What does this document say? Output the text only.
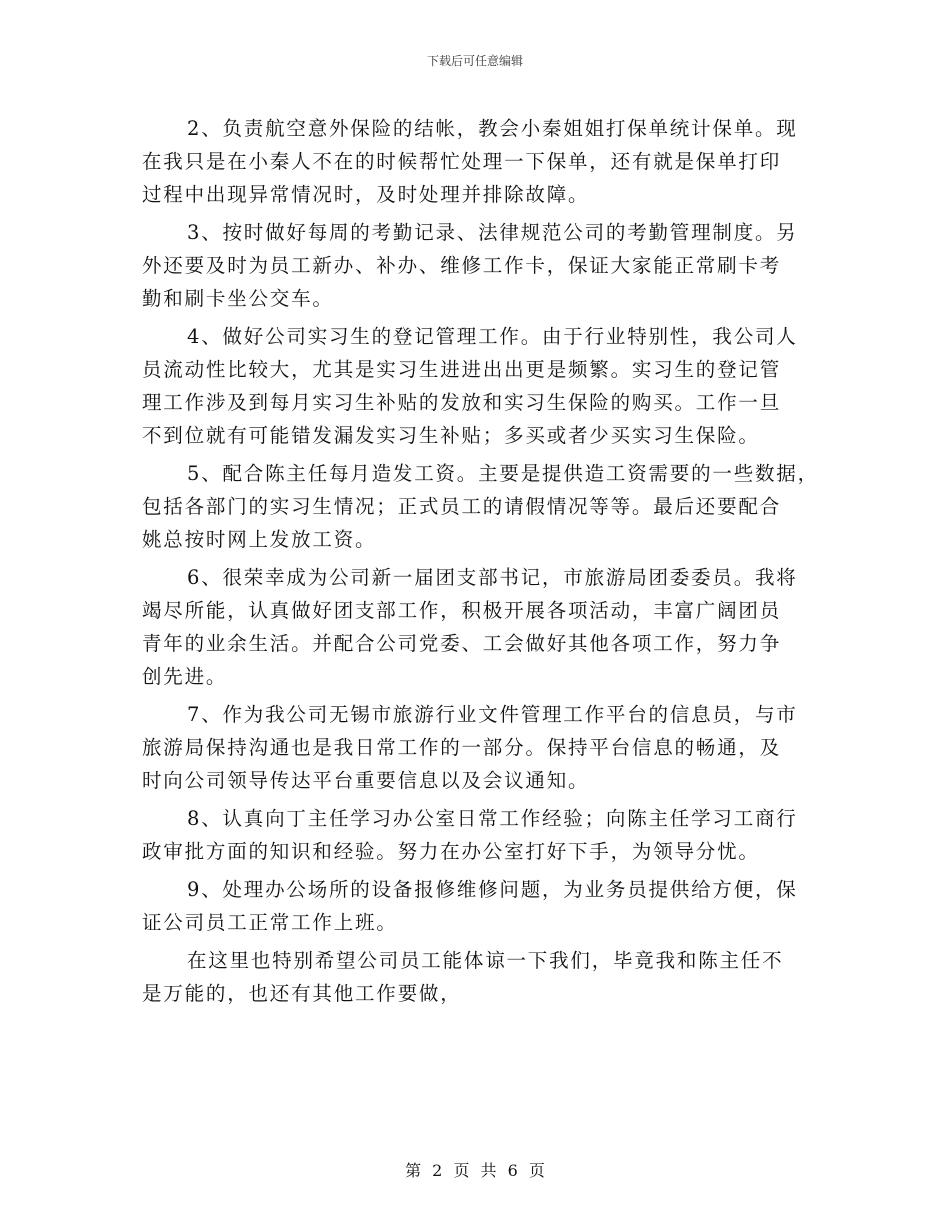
下载后可任意编辑
2、负责航空意外保险的结帐，教会小秦姐姐打保单统计保单。现
在我只是在小秦人不在的时候帮忙处理一下保单，还有就是保单打印
过程中出现异常情况时，及时处理并排除故障。
3、按时做好每周的考勤记录、法律规范公司的考勤管理制度。另
外还要及时为员工新办、补办、维修工作卡，保证大家能正常刷卡考
勤和刷卡坐公交车。
4、做好公司实习生的登记管理工作。由于行业特别性，我公司人
员流动性比较大，尤其是实习生进进出出更是频繁。实习生的登记管
理工作涉及到每月实习生补贴的发放和实习生保险的购买。工作一旦
不到位就有可能错发漏发实习生补贴；多买或者少买实习生保险。
5、配合陈主任每月造发工资。主要是提供造工资需要的一些数据，
包括各部门的实习生情况；正式员工的请假情况等等。最后还要配合
姚总按时网上发放工资。
6、很荣幸成为公司新一届团支部书记，市旅游局团委委员。我将
竭尽所能，认真做好团支部工作，积极开展各项活动，丰富广阔团员
青年的业余生活。并配合公司党委、工会做好其他各项工作，努力争
创先进。
7、作为我公司无锡市旅游行业文件管理工作平台的信息员，与市
旅游局保持沟通也是我日常工作的一部分。保持平台信息的畅通，及
时向公司领导传达平台重要信息以及会议通知。
8、认真向丁主任学习办公室日常工作经验；向陈主任学习工商行
政审批方面的知识和经验。努力在办公室打好下手，为领导分忧。
9、处理办公场所的设备报修维修问题，为业务员提供给方便，保
证公司员工正常工作上班。
在这里也特别希望公司员工能体谅一下我们，毕竟我和陈主任不
是万能的，也还有其他工作要做，
第 2 页 共 6 页
